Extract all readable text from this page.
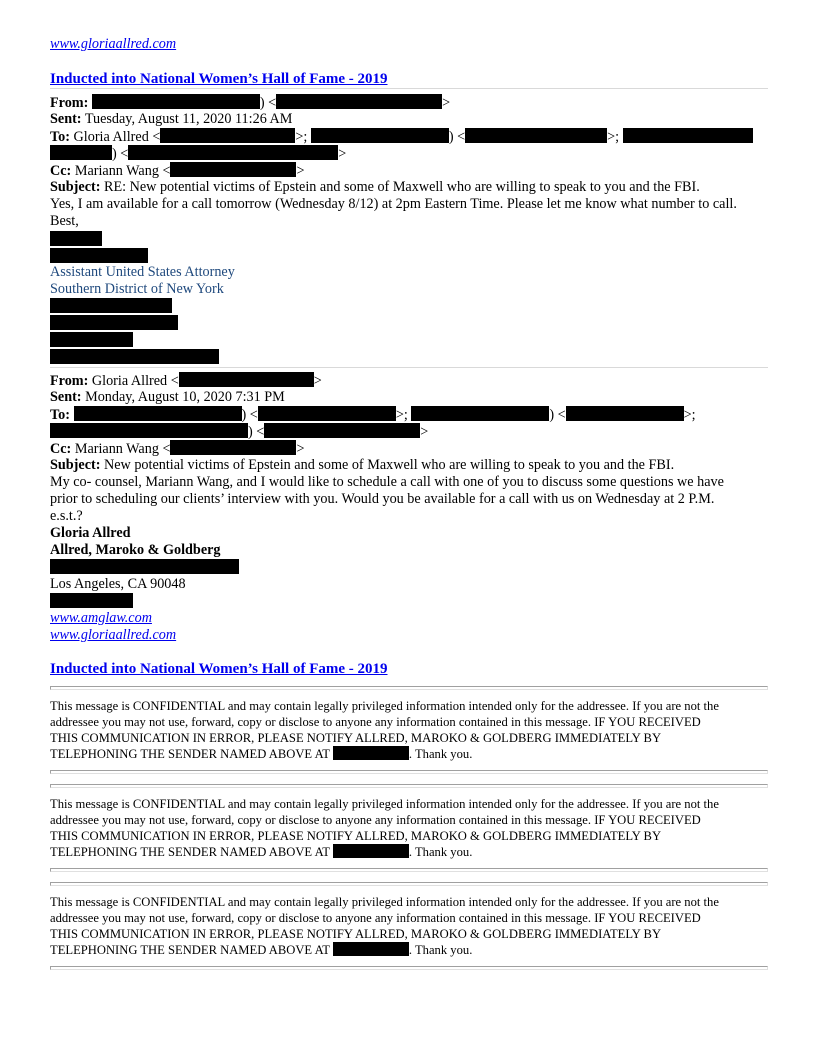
www.gloriaallred.com
Inducted into National Women’s Hall of Fame - 2019
From:	) <	>
Sent: Tuesday, August 11, 2020 11:26 AM
To: Gloria Allred <	>;	) <	>;
) <	>
Cc: Mariann Wang <	>
Subject: RE: New potential victims of Epstein and some of Maxwell who are willing to speak to you and the FBI.
Yes, I am available for a call tomorrow (Wednesday 8/12) at 2pm Eastern Time. Please let me know what number to call.
Best,
Assistant United States Attorney
Southern District of New York
From: Gloria Allred <	>
Sent: Monday, August 10, 2020 7:31 PM
To:	) <	>;	) <	>;
) <	>
Cc: Mariann Wang <	>
Subject: New potential victims of Epstein and some of Maxwell who are willing to speak to you and the FBI.
My co- counsel, Mariann Wang, and I would like to schedule a call with one of you to discuss some questions we have
prior to scheduling our clients’ interview with you. Would you be available for a call with us on Wednesday at 2 P.M.
e.s.t.?
Gloria Allred
Allred, Maroko & Goldberg
Los Angeles, CA 90048
www.amglaw.com
www.gloriaallred.com
Inducted into National Women’s Hall of Fame - 2019
This message is CONFIDENTIAL and may contain legally privileged information intended only for the addressee. If you are not the
addressee you may not use, forward, copy or disclose to anyone any information contained in this message. IF YOU RECEIVED
THIS COMMUNICATION IN ERROR, PLEASE NOTIFY ALLRED, MAROKO & GOLDBERG IMMEDIATELY BY
TELEPHONING THE SENDER NAMED ABOVE AT	. Thank you.
This message is CONFIDENTIAL and may contain legally privileged information intended only for the addressee. If you are not the
addressee you may not use, forward, copy or disclose to anyone any information contained in this message. IF YOU RECEIVED
THIS COMMUNICATION IN ERROR, PLEASE NOTIFY ALLRED, MAROKO & GOLDBERG IMMEDIATELY BY
TELEPHONING THE SENDER NAMED ABOVE AT	. Thank you.
This message is CONFIDENTIAL and may contain legally privileged information intended only for the addressee. If you are not the
addressee you may not use, forward, copy or disclose to anyone any information contained in this message. IF YOU RECEIVED
THIS COMMUNICATION IN ERROR, PLEASE NOTIFY ALLRED, MAROKO & GOLDBERG IMMEDIATELY BY
TELEPHONING THE SENDER NAMED ABOVE AT	. Thank you.
